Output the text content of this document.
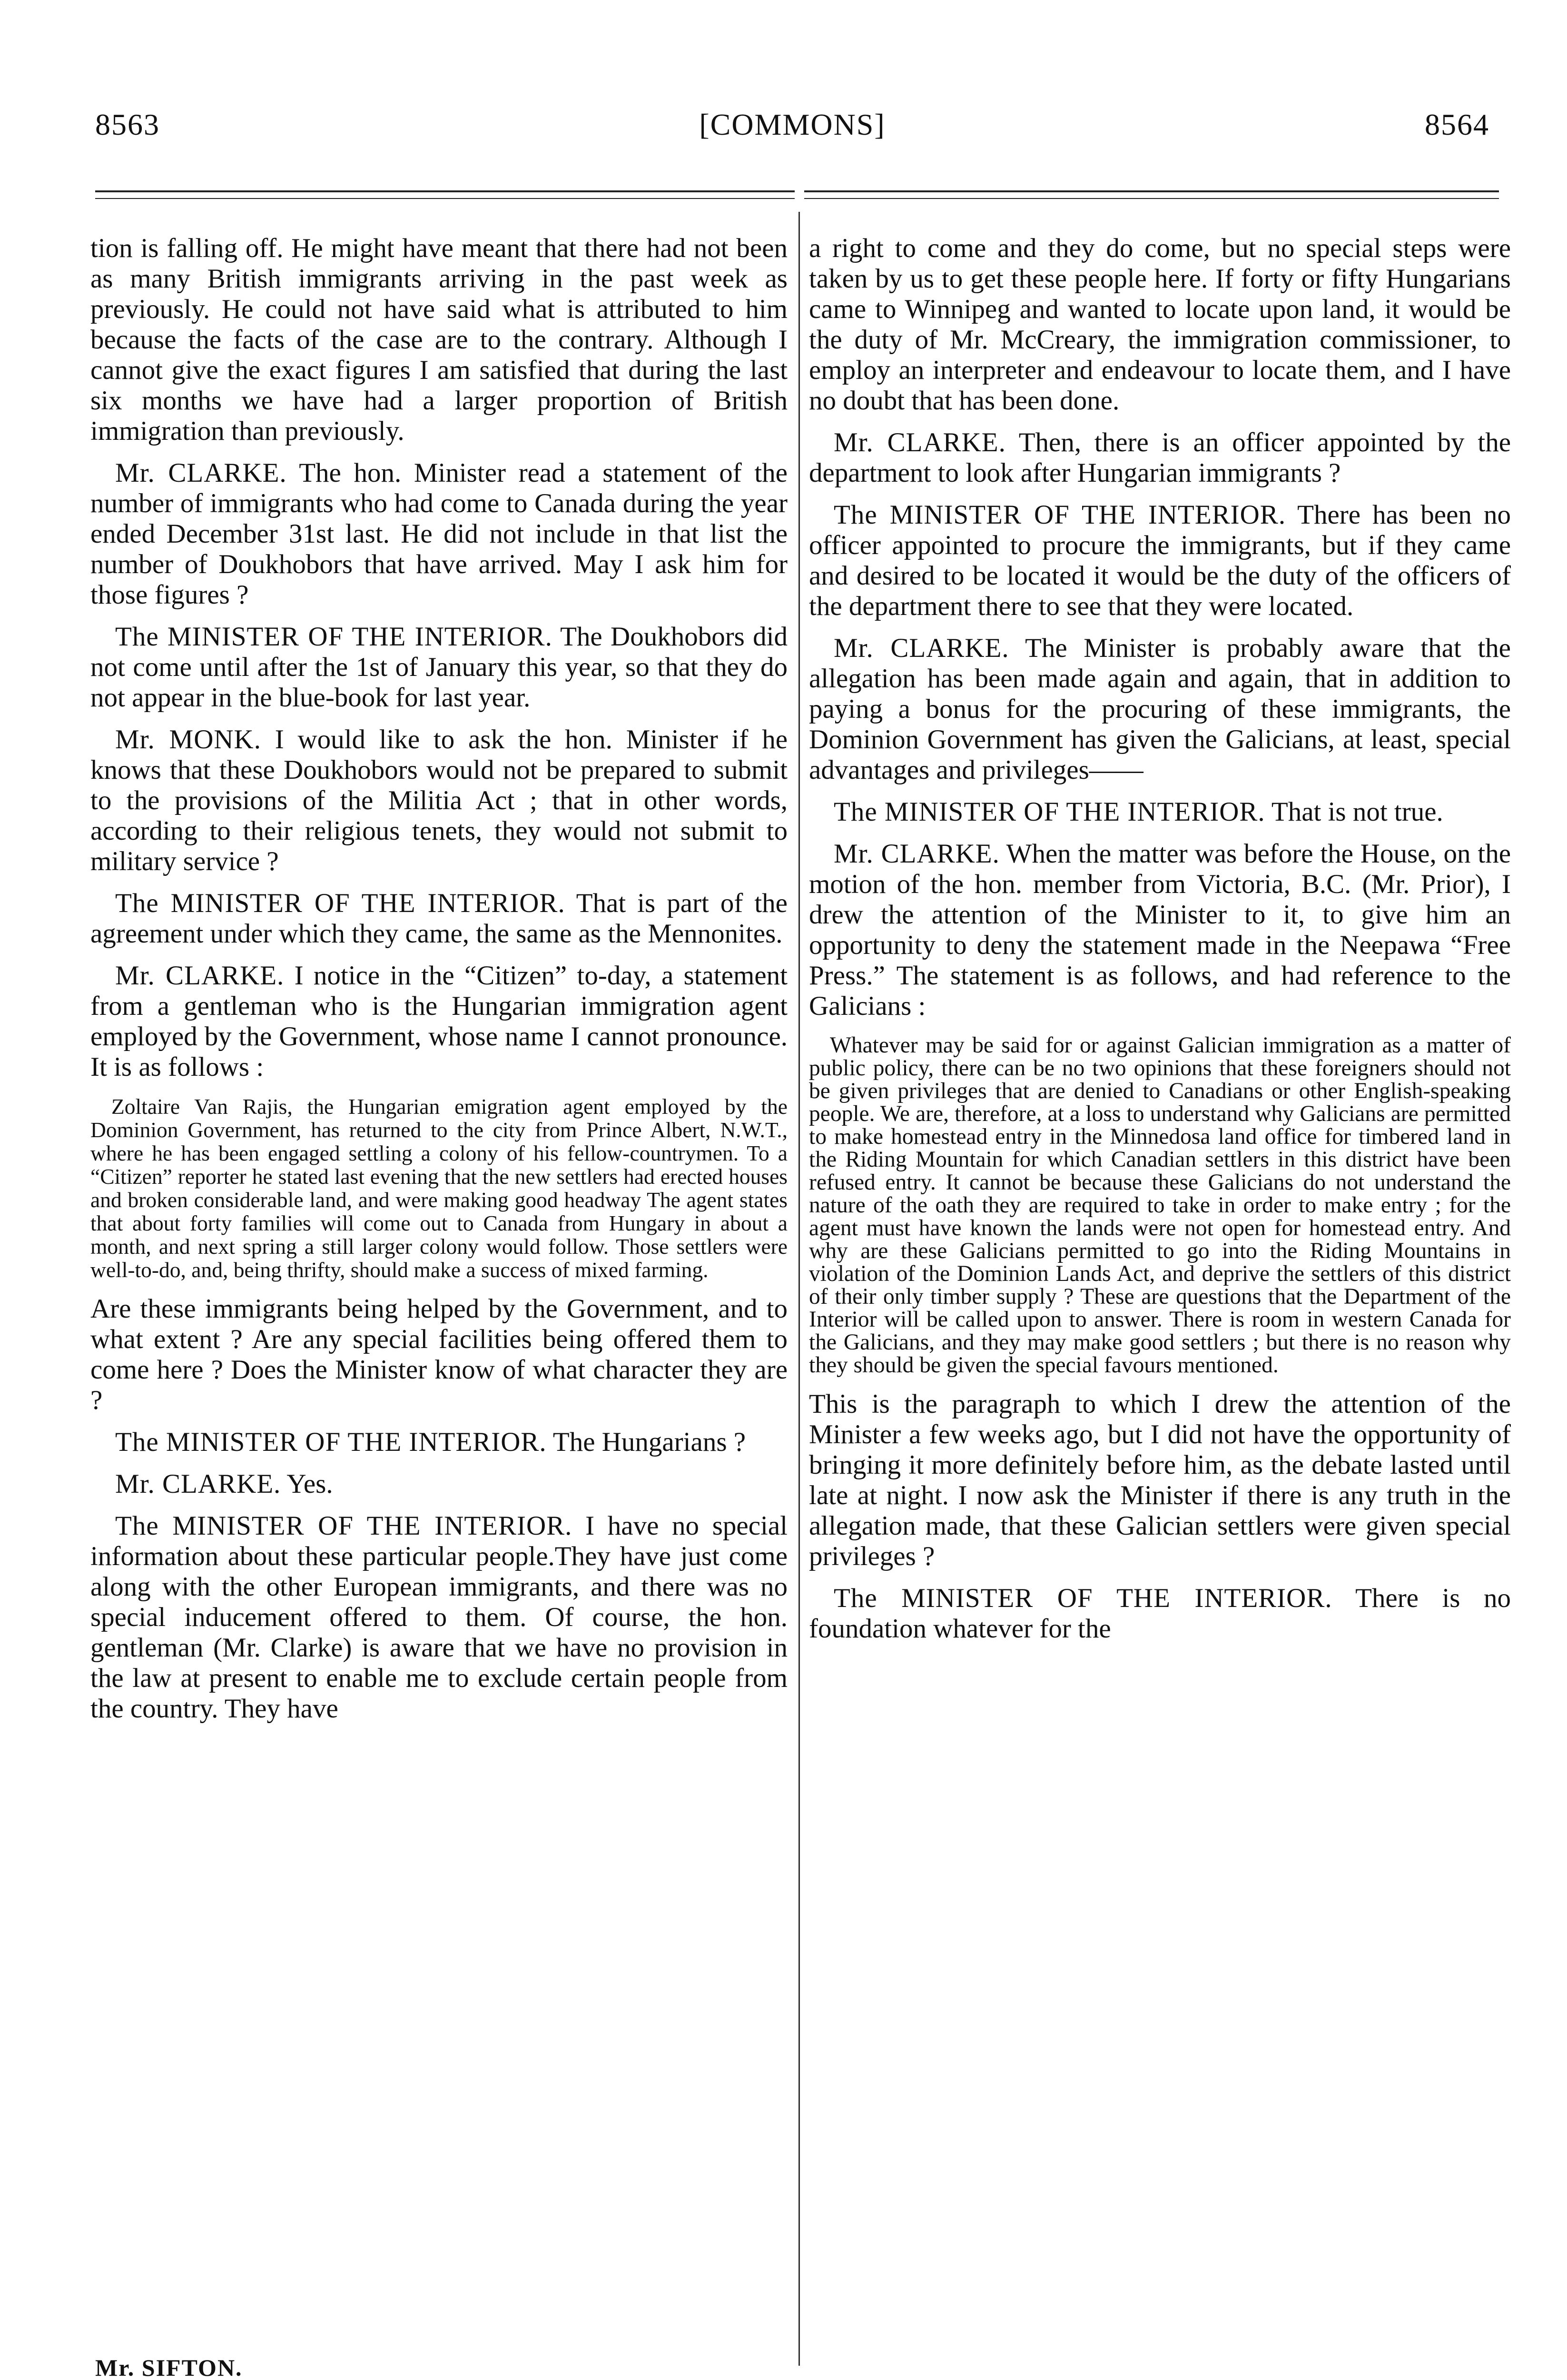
8563	[COMMONS]	8564

tion is falling off. He might have meant that there had not been as many British immigrants arriving in the past week as previously. He could not have said what is attributed to him because the facts of the case are to the contrary. Although I cannot give the exact figures I am satisfied that during the last six months we have had a larger proportion of British immigration than previously.

Mr. CLARKE. The hon. Minister read a statement of the number of immigrants who had come to Canada during the year ended December 31st last. He did not include in that list the number of Doukhobors that have arrived. May I ask him for those figures ?

The MINISTER OF THE INTERIOR. The Doukhobors did not come until after the 1st of January this year, so that they do not appear in the blue-book for last year.

Mr. MONK. I would like to ask the hon. Minister if he knows that these Doukhobors would not be prepared to submit to the provisions of the Militia Act ; that in other words, according to their religious tenets, they would not submit to military service ?

The MINISTER OF THE INTERIOR. That is part of the agreement under which they came, the same as the Mennonites.

Mr. CLARKE. I notice in the “Citizen” to-day, a statement from a gentleman who is the Hungarian immigration agent employed by the Government, whose name I cannot pronounce. It is as follows :

Zoltaire Van Rajis, the Hungarian emigration agent employed by the Dominion Government, has returned to the city from Prince Albert, N.W.T., where he has been engaged settling a colony of his fellow-countrymen. To a “Citizen” reporter he stated last evening that the new settlers had erected houses and broken considerable land, and were making good headway The agent states that about forty families will come out to Canada from Hungary in about a month, and next spring a still larger colony would follow. Those settlers were well-to-do, and, being thrifty, should make a success of mixed farming.

Are these immigrants being helped by the Government, and to what extent ? Are any special facilities being offered them to come here ? Does the Minister know of what character they are ?

The MINISTER OF THE INTERIOR. The Hungarians ?

Mr. CLARKE. Yes.

The MINISTER OF THE INTERIOR. I have no special information about these particular people.They have just come along with the other European immigrants, and there was no special inducement offered to them. Of course, the hon. gentleman (Mr. Clarke) is aware that we have no provision in the law at present to enable me to exclude certain people from the country. They have

a right to come and they do come, but no special steps were taken by us to get these people here. If forty or fifty Hungarians came to Winnipeg and wanted to locate upon land, it would be the duty of Mr. McCreary, the immigration commissioner, to employ an interpreter and endeavour to locate them, and I have no doubt that has been done.

Mr. CLARKE. Then, there is an officer appointed by the department to look after Hungarian immigrants ?

The MINISTER OF THE INTERIOR. There has been no officer appointed to procure the immigrants, but if they came and desired to be located it would be the duty of the officers of the department there to see that they were located.

Mr. CLARKE. The Minister is probably aware that the allegation has been made again and again, that in addition to paying a bonus for the procuring of these immigrants, the Dominion Government has given the Galicians, at least, special advantages and privileges——

The MINISTER OF THE INTERIOR. That is not true.

Mr. CLARKE. When the matter was before the House, on the motion of the hon. member from Victoria, B.C. (Mr. Prior), I drew the attention of the Minister to it, to give him an opportunity to deny the statement made in the Neepawa “Free Press.” The statement is as follows, and had reference to the Galicians :

Whatever may be said for or against Galician immigration as a matter of public policy, there can be no two opinions that these foreigners should not be given privileges that are denied to Canadians or other English-speaking people. We are, therefore, at a loss to understand why Galicians are permitted to make homestead entry in the Minnedosa land office for timbered land in the Riding Mountain for which Canadian settlers in this district have been refused entry. It cannot be because these Galicians do not understand the nature of the oath they are required to take in order to make entry ; for the agent must have known the lands were not open for homestead entry. And why are these Galicians permitted to go into the Riding Mountains in violation of the Dominion Lands Act, and deprive the settlers of this district of their only timber supply ? These are questions that the Department of the Interior will be called upon to answer. There is room in western Canada for the Galicians, and they may make good settlers ; but there is no reason why they should be given the special favours mentioned.

This is the paragraph to which I drew the attention of the Minister a few weeks ago, but I did not have the opportunity of bringing it more definitely before him, as the debate lasted until late at night. I now ask the Minister if there is any truth in the allegation made, that these Galician settlers were given special privileges ?

The MINISTER OF THE INTERIOR. There is no foundation whatever for the

Mr. SIFTON.
